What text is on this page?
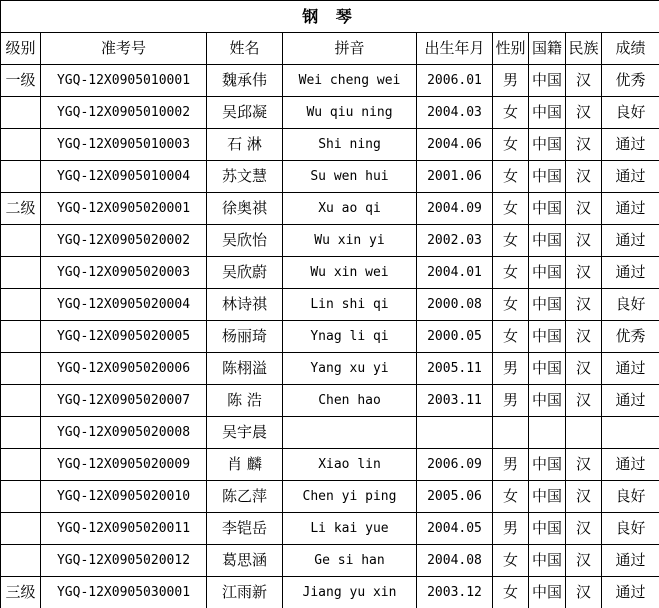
钢 琴								
级别	准考号	姓名	拼音	出生年月	性别	国籍	民族	成绩
一级	YGQ-12X0905010001	魏承伟	Wei cheng wei	2006.01	男	中国	汉	优秀
	YGQ-12X0905010002	吴邱凝	Wu qiu ning	2004.03	女	中国	汉	良好
	YGQ-12X0905010003	石 淋	Shi ning	2004.06	女	中国	汉	通过
	YGQ-12X0905010004	苏文慧	Su wen hui	2001.06	女	中国	汉	通过
二级	YGQ-12X0905020001	徐奥祺	Xu ao qi	2004.09	女	中国	汉	通过
	YGQ-12X0905020002	吴欣怡	Wu xin yi	2002.03	女	中国	汉	通过
	YGQ-12X0905020003	吴欣蔚	Wu xin wei	2004.01	女	中国	汉	通过
	YGQ-12X0905020004	林诗祺	Lin shi qi	2000.08	女	中国	汉	良好
	YGQ-12X0905020005	杨丽琦	Ynag li qi	2000.05	女	中国	汉	优秀
	YGQ-12X0905020006	陈栩溢	Yang xu yi	2005.11	男	中国	汉	通过
	YGQ-12X0905020007	陈 浩	Chen hao	2003.11	男	中国	汉	通过
	YGQ-12X0905020008	吴宇晨						
	YGQ-12X0905020009	肖 麟	Xiao lin	2006.09	男	中国	汉	通过
	YGQ-12X0905020010	陈乙萍	Chen yi ping	2005.06	女	中国	汉	良好
	YGQ-12X0905020011	李铠岳	Li kai yue	2004.05	男	中国	汉	良好
	YGQ-12X0905020012	葛思涵	Ge si han	2004.08	女	中国	汉	通过
三级	YGQ-12X0905030001	江雨新	Jiang yu xin	2003.12	女	中国	汉	通过
